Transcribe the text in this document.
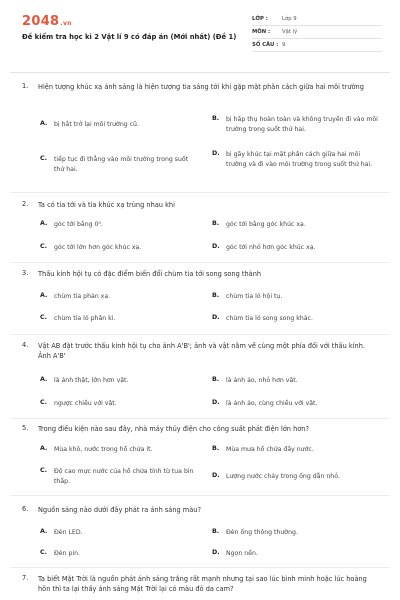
2048.vn
Đề kiểm tra học kì 2 Vật lí 9 có đáp án (Mới nhất) (Đề 1)
LỚP :	Lớp 9
MÔN :	Vật lý
SỐ CÂU : 9
1. Hiện tượng khúc xạ ánh sáng là hiện tượng tia sáng tới khi gặp mặt phân cách giữa hai môi trường
A.	bị hắt trở lại môi trường cũ.
B.	bị hấp thụ hoàn toàn và không truyền đi vào môi trường trong suốt thứ hai.
C.	tiếp tục đi thẳng vào môi trường trong suốt thứ hai.
D.	bị gãy khúc tại mặt phân cách giữa hai môi trường và đi vào môi trường trong suốt thứ hai.
2. Ta có tia tới và tia khúc xạ trùng nhau khi
A.	góc tới bằng 0⁰.	B.	góc tới bằng góc khúc xạ.
C.	góc tới lớn hơn góc khúc xạ.	D.	góc tới nhỏ hơn góc khúc xạ.
3. Thấu kính hội tụ có đặc điểm biến đổi chùm tia tới song song thành
A.	chùm tia phản xạ.	B.	chùm tia ló hội tụ.
C.	chùm tia ló phân kì.	D.	chùm tia ló song song khác.
4. Vật AB đặt trước thấu kính hội tụ cho ảnh A'B'; ảnh và vật nằm về cùng một phía đối với thấu kính. Ảnh A'B'
A.	là ảnh thật, lớn hơn vật.	B.	là ảnh ảo, nhỏ hơn vật.
C.	ngược chiều với vật.	D.	là ảnh ảo, cùng chiều với vật.
5. Trong điều kiện nào sau đây, nhà máy thủy điện cho công suất phát điện lớn hơn?
A.	Mùa khô, nước trong hồ chứa ít.	B.	Mùa mưa hồ chứa đầy nước.
C.	Độ cao mực nước của hồ chứa tính từ tua bin thấp.
D.	Lượng nước chảy trong ống dẫn nhỏ.
6. Nguồn sáng nào dưới đây phát ra ánh sáng màu?
A.	Đèn LED.	B.	Đèn ống thông thường.
C.	Đèn pin.	D.	Ngọn nến.
7. Ta biết Mặt Trời là nguồn phát ánh sáng trắng rất mạnh nhưng tại sao lúc bình minh hoặc lúc hoàng hôn thì ta lại thấy ánh sáng Mặt Trời lại có màu đỏ da cam?
